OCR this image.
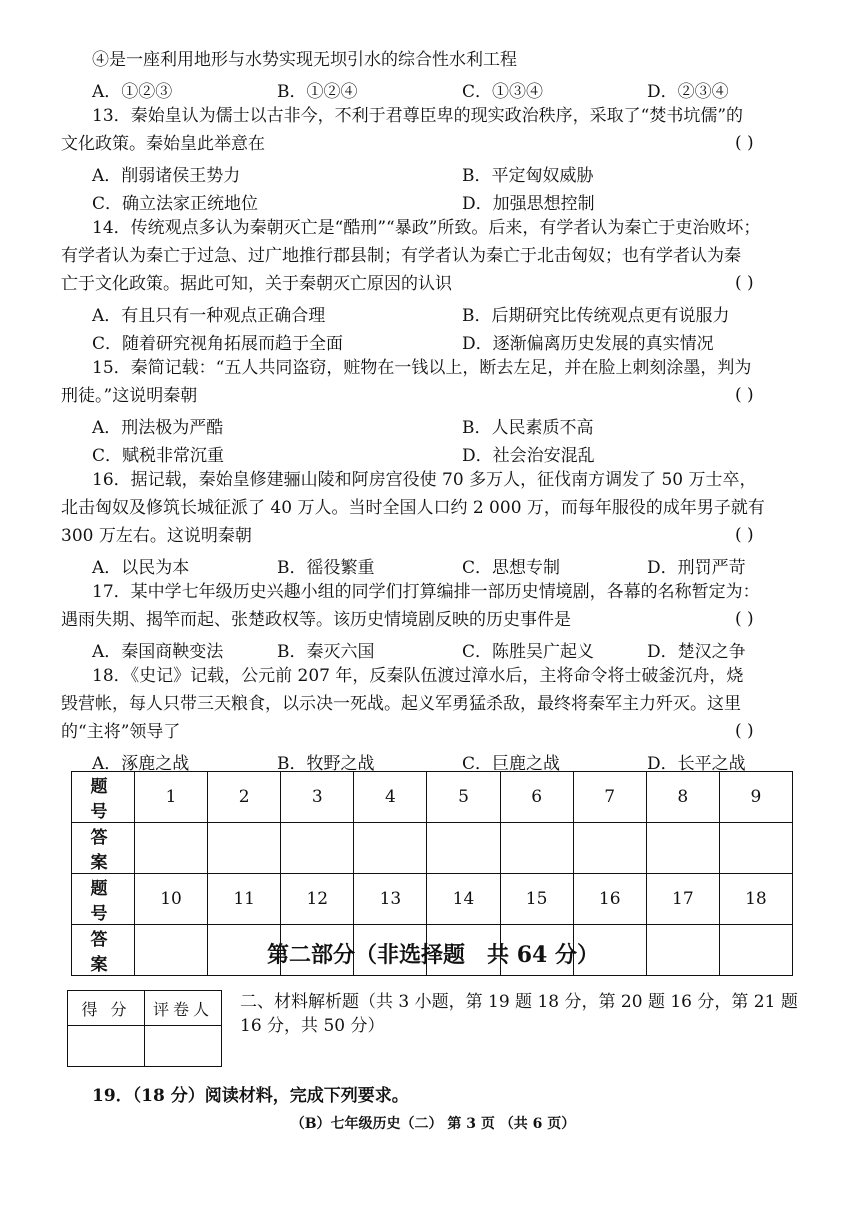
④是一座利用地形与水势实现无坝引水的综合性水利工程
A．①②③	B．①②④	C．①③④	D．②③④
13．秦始皇认为儒士以古非今，不利于君尊臣卑的现实政治秩序，采取了“焚书坑儒”的
文化政策。秦始皇此举意在	( )
A．削弱诸侯王势力	B．平定匈奴威胁
C．确立法家正统地位	D．加强思想控制
14．传统观点多认为秦朝灭亡是“酷刑”“暴政”所致。后来，有学者认为秦亡于吏治败坏；
有学者认为秦亡于过急、过广地推行郡县制；有学者认为秦亡于北击匈奴；也有学者认为秦
亡于文化政策。据此可知，关于秦朝灭亡原因的认识	( )
A．有且只有一种观点正确合理	B．后期研究比传统观点更有说服力
C．随着研究视角拓展而趋于全面	D．逐渐偏离历史发展的真实情况
15．秦简记载：“五人共同盗窃，赃物在一钱以上，断去左足，并在脸上刺刻涂墨，判为
刑徒。”这说明秦朝	( )
A．刑法极为严酷	B．人民素质不高
C．赋税非常沉重	D．社会治安混乱
16．据记载，秦始皇修建骊山陵和阿房宫役使 70 多万人，征伐南方调发了 50 万士卒，
北击匈奴及修筑长城征派了 40 万人。当时全国人口约 2 000 万，而每年服役的成年男子就有
300 万左右。这说明秦朝	( )
A．以民为本	B．徭役繁重	C．思想专制	D．刑罚严苛
17．某中学七年级历史兴趣小组的同学们打算编排一部历史情境剧，各幕的名称暂定为：
遇雨失期、揭竿而起、张楚政权等。该历史情境剧反映的历史事件是	( )
A．秦国商鞅变法	B．秦灭六国	C．陈胜吴广起义	D．楚汉之争
18．《史记》记载，公元前 207 年，反秦队伍渡过漳水后，主将命令将士破釜沉舟，烧
毁营帐，每人只带三天粮食，以示决一死战。起义军勇猛杀敌，最终将秦军主力歼灭。这里
的“主将”领导了	( )
A．涿鹿之战	B．牧野之战	C．巨鹿之战	D．长平之战
题 号	1	2	3	4	5	6	7	8	9
答 案									
题 号	10	11	12	13	14	15	16	17	18
答 案										第二部分（非选择题　共 64 分）
得 分	评卷人
	二、材料解析题（共 3 小题，第 19 题 18 分，第 20 题 16 分，第 21 题
16 分，共 50 分）
19．（18 分）阅读材料，完成下列要求。
（B）七年级历史（二） 第 3 页 （共 6 页）
